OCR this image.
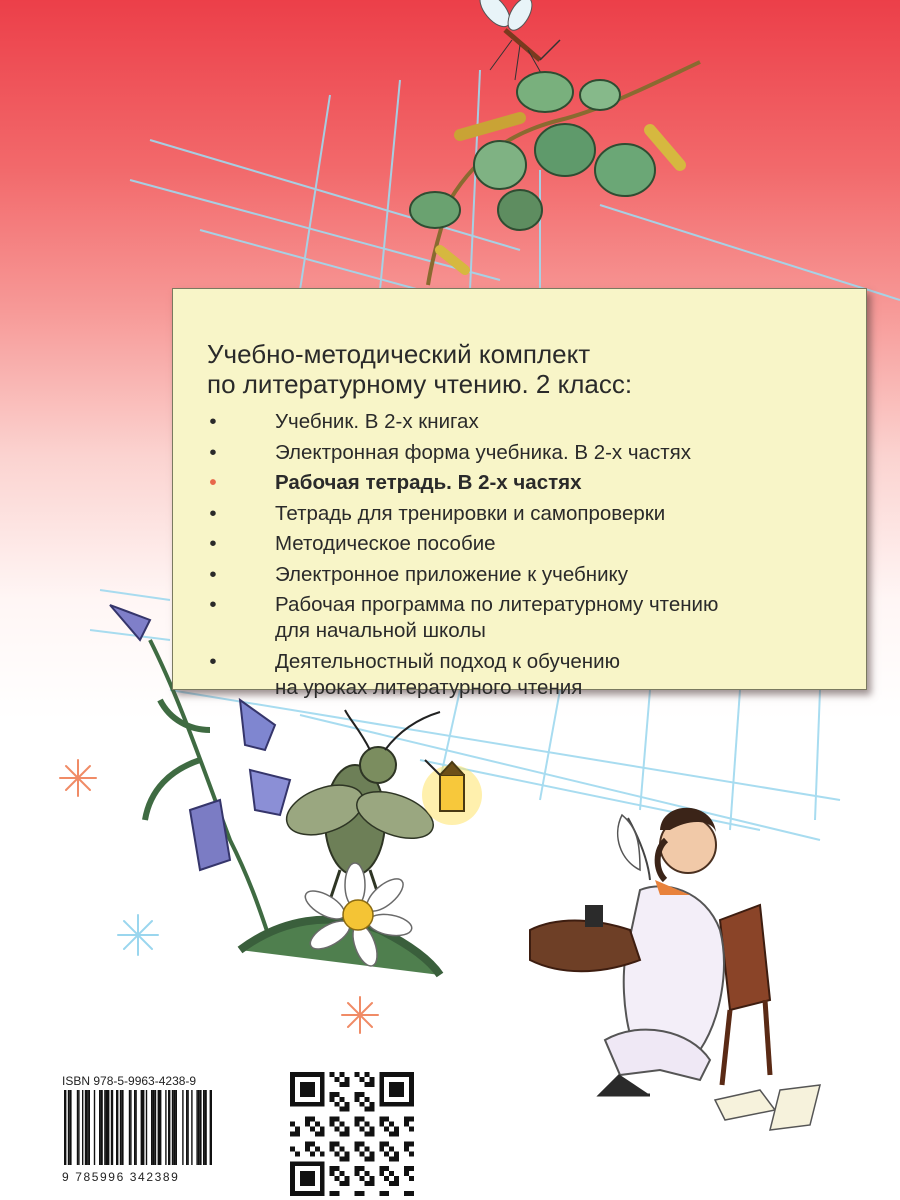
Учебно-методический комплект
по литературному чтению. 2 класс:
•	Учебник. В 2-х книгах
•	Электронная форма учебника. В 2-х частях
•	Рабочая тетрадь. В 2-х частях
•	Тетрадь для тренировки и самопроверки
•	Методическое пособие
•	Электронное приложение к учебнику
•	Рабочая программа по литературному чтению
для начальной школы
•	Деятельностный подход к обучению
на уроках литературного чтения
ISBN 978-5-9963-4238-9
9 785996 342389
